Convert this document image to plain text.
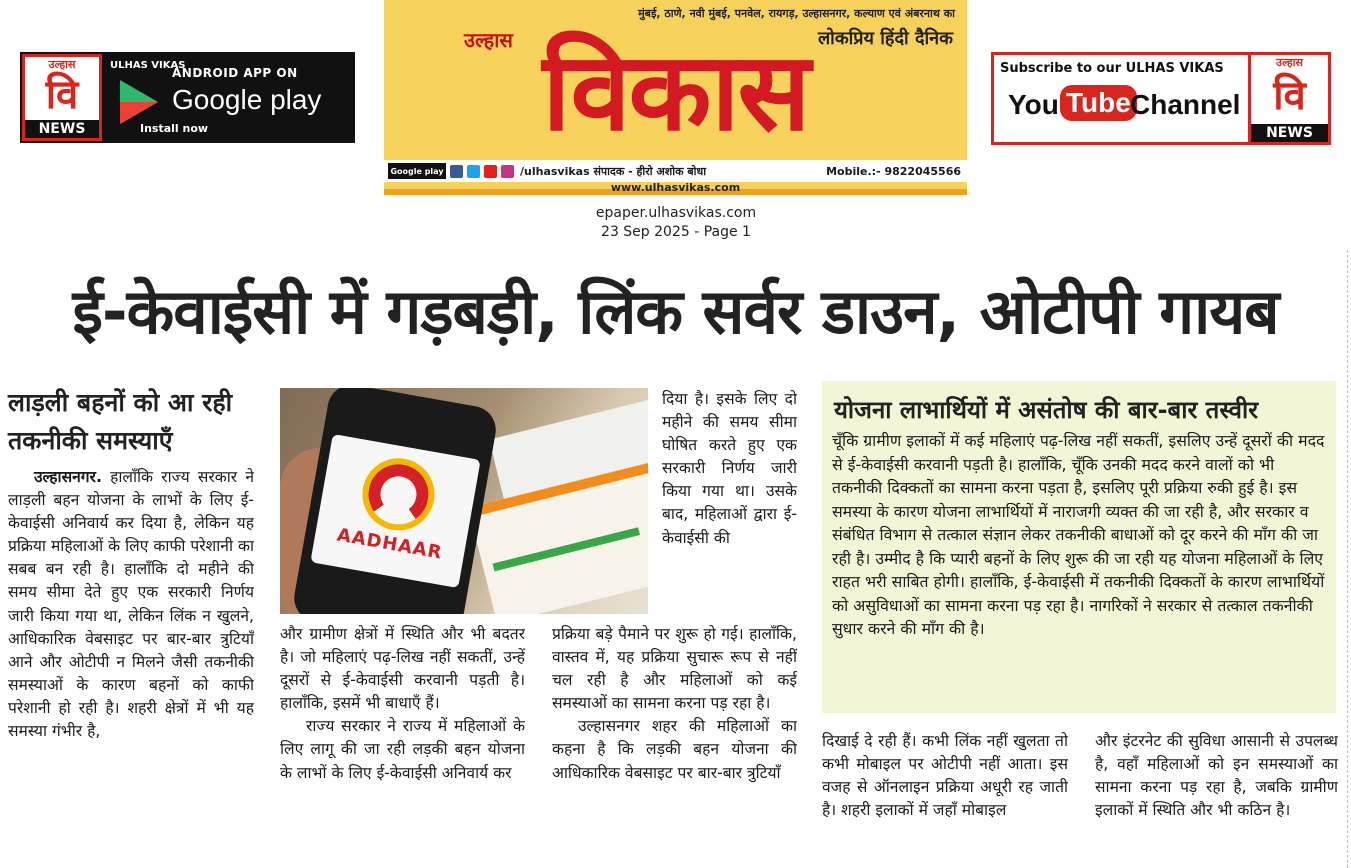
उल्हास
वि
NEWS
ULHAS VIKAS
ANDROID APP ON
Google play
Install now
मुंबई, ठाणे, नवी मुंबई, पनवेल, रायगड़, उल्हासनगर, कल्याण एवं अंबरनाथ का
लोकप्रिय हिंदी दैनिक
विकास
उल्हास
Google play	/ulhasvikas संपादक - हीरो अशोक बोधा	Mobile.:- 9822045566
www.ulhasvikas.com
Subscribe to our ULHAS VIKAS
You Tube Channel
उल्हास
वि
NEWS
epaper.ulhasvikas.com
23 Sep 2025 - Page 1
ई-केवाईसी में गड़बड़ी, लिंक सर्वर डाउन, ओटीपी गायब
लाड़ली बहनों को आ रही तकनीकी समस्याएँ

उल्हासनगर. हालाँकि राज्य सरकार ने लाड़ली बहन योजना के लाभों के लिए ई-केवाईसी अनिवार्य कर दिया है, लेकिन यह प्रक्रिया महिलाओं के लिए काफी परेशानी का सबब बन रही है। हालाँकि दो महीने की समय सीमा देते हुए एक सरकारी निर्णय जारी किया गया था, लेकिन लिंक न खुलने, आधिकारिक वेबसाइट पर बार-बार त्रुटियाँ आने और ओटीपी न मिलने जैसी तकनीकी समस्याओं के कारण बहनों को काफी परेशानी हो रही है। शहरी क्षेत्रों में भी यह समस्या गंभीर है,

AADHAAR

और ग्रामीण क्षेत्रों में स्थिति और भी बदतर है। जो महिलाएं पढ़-लिख नहीं सकतीं, उन्हें दूसरों से ई-केवाईसी करवानी पड़ती है। हालाँकि, इसमें भी बाधाएँ हैं।

राज्य सरकार ने राज्य में महिलाओं के लिए लागू की जा रही लड़की बहन योजना के लाभों के लिए ई-केवाईसी अनिवार्य कर

दिया है। इसके लिए दो महीने की समय सीमा घोषित करते हुए एक सरकारी निर्णय जारी किया गया था। उसके बाद, महिलाओं द्वारा ई-केवाईसी की

प्रक्रिया बड़े पैमाने पर शुरू हो गई। हालाँकि, वास्तव में, यह प्रक्रिया सुचारू रूप से नहीं चल रही है और महिलाओं को कई समस्याओं का सामना करना पड़ रहा है।

उल्हासनगर शहर की महिलाओं का कहना है कि लड़की बहन योजना की आधिकारिक वेबसाइट पर बार-बार त्रुटियाँ

योजना लाभार्थियों में असंतोष की बार-बार तस्वीर
चूँकि ग्रामीण इलाकों में कई महिलाएं पढ़-लिख नहीं सकतीं, इसलिए उन्हें दूसरों की मदद से ई-केवाईसी करवानी पड़ती है। हालाँकि, चूँकि उनकी मदद करने वालों को भी तकनीकी दिक्कतों का सामना करना पड़ता है, इसलिए पूरी प्रक्रिया रुकी हुई है। इस समस्या के कारण योजना लाभार्थियों में नाराजगी व्यक्त की जा रही है, और सरकार व संबंधित विभाग से तत्काल संज्ञान लेकर तकनीकी बाधाओं को दूर करने की माँग की जा रही है। उम्मीद है कि प्यारी बहनों के लिए शुरू की जा रही यह योजना महिलाओं के लिए राहत भरी साबित होगी। हालाँकि, ई-केवाईसी में तकनीकी दिक्कतों के कारण लाभार्थियों को असुविधाओं का सामना करना पड़ रहा है। नागरिकों ने सरकार से तत्काल तकनीकी सुधार करने की माँग की है।

दिखाई दे रही हैं। कभी लिंक नहीं खुलता तो कभी मोबाइल पर ओटीपी नहीं आता। इस वजह से ऑनलाइन प्रक्रिया अधूरी रह जाती है। शहरी इलाकों में जहाँ मोबाइल

और इंटरनेट की सुविधा आसानी से उपलब्ध है, वहाँ महिलाओं को इन समस्याओं का सामना करना पड़ रहा है, जबकि ग्रामीण इलाकों में स्थिति और भी कठिन है।
